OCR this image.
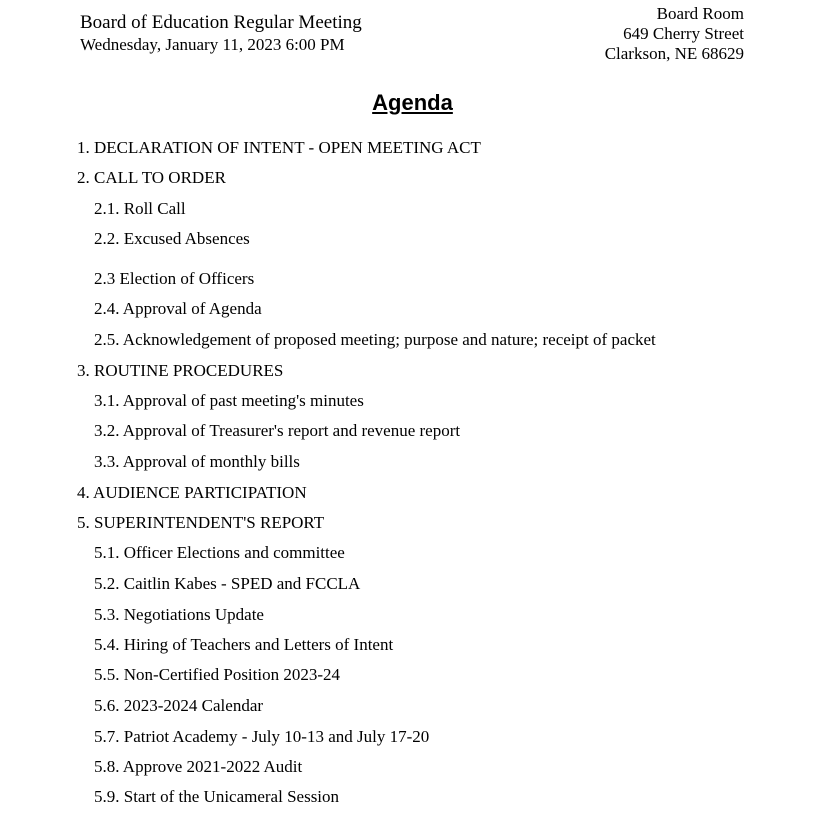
Board of Education Regular Meeting
Wednesday, January 11, 2023 6:00 PM
Board Room
649 Cherry Street
Clarkson, NE 68629
Agenda
1. DECLARATION OF INTENT - OPEN MEETING ACT
2. CALL TO ORDER
2.1. Roll Call
2.2. Excused Absences
2.3 Election of Officers
2.4. Approval of Agenda
2.5. Acknowledgement of proposed meeting; purpose and nature; receipt of packet
3. ROUTINE PROCEDURES
3.1. Approval of past meeting's minutes
3.2. Approval of Treasurer's report and revenue report
3.3. Approval of monthly bills
4. AUDIENCE PARTICIPATION
5. SUPERINTENDENT'S REPORT
5.1. Officer Elections and committee
5.2. Caitlin Kabes - SPED and FCCLA
5.3. Negotiations Update
5.4. Hiring of Teachers and Letters of Intent
5.5. Non-Certified Position 2023-24
5.6. 2023-2024 Calendar
5.7. Patriot Academy - July 10-13 and July 17-20
5.8. Approve 2021-2022 Audit
5.9. Start of the Unicameral Session
